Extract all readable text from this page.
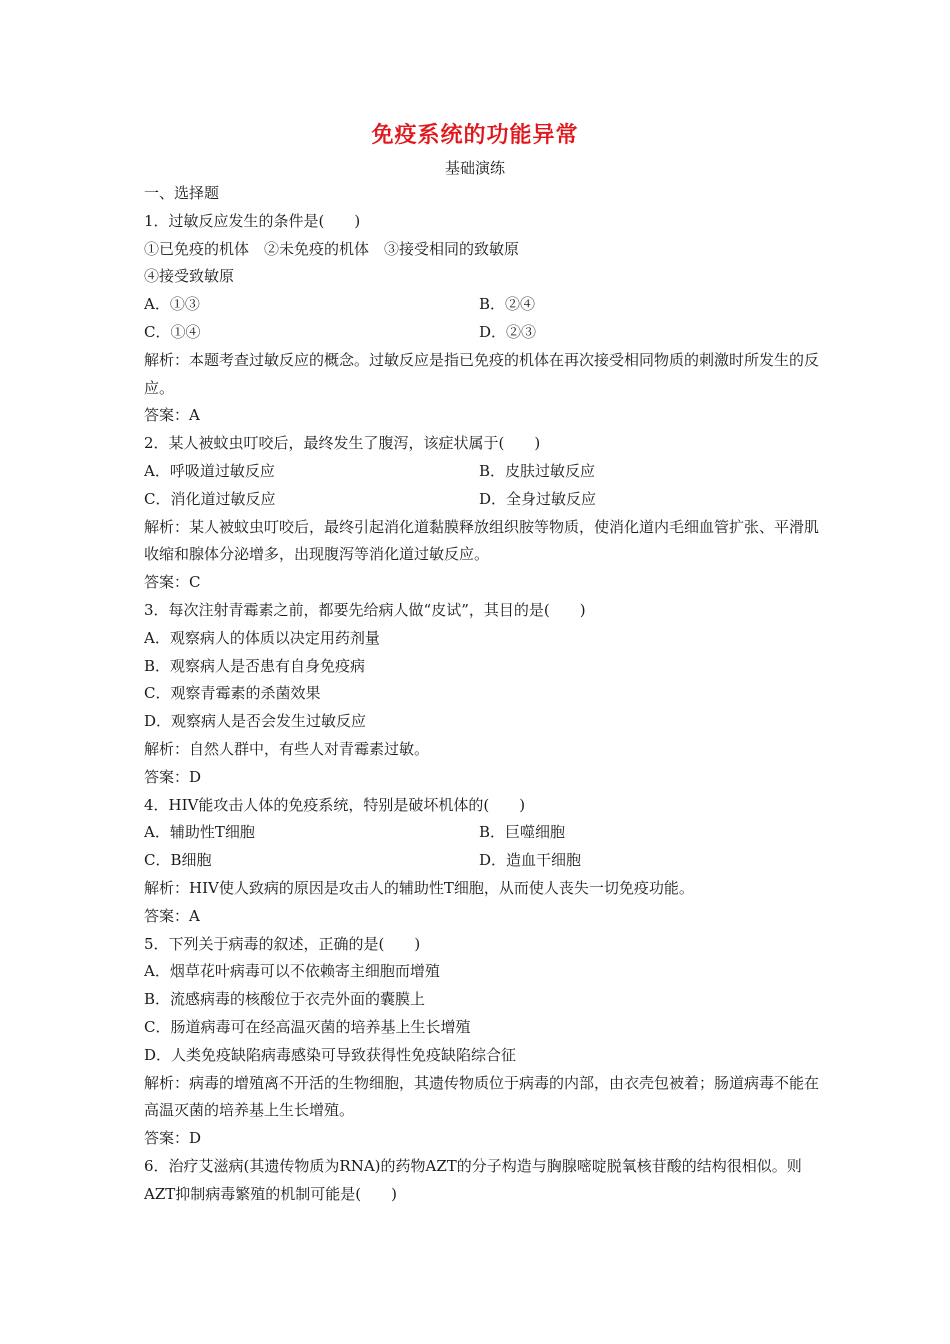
免疫系统的功能异常
基础演练
一、选择题
1．过敏反应发生的条件是(　　)
①已免疫的机体　②未免疫的机体　③接受相同的致敏原
④接受致敏原
A．①③	B．②④
C．①④	D．②③
解析：本题考查过敏反应的概念。过敏反应是指已免疫的机体在再次接受相同物质的刺激时所发生的反应。
答案：A
2．某人被蚊虫叮咬后，最终发生了腹泻，该症状属于(　　)
A．呼吸道过敏反应	B．皮肤过敏反应
C．消化道过敏反应	D．全身过敏反应
解析：某人被蚊虫叮咬后，最终引起消化道黏膜释放组织胺等物质，使消化道内毛细血管扩张、平滑肌收缩和腺体分泌增多，出现腹泻等消化道过敏反应。
答案：C
3．每次注射青霉素之前，都要先给病人做“皮试”，其目的是(　　)
A．观察病人的体质以决定用药剂量
B．观察病人是否患有自身免疫病
C．观察青霉素的杀菌效果
D．观察病人是否会发生过敏反应
解析：自然人群中，有些人对青霉素过敏。
答案：D
4．HIV能攻击人体的免疫系统，特别是破坏机体的(　　)
A．辅助性T细胞	B．巨噬细胞
C．B细胞	D．造血干细胞
解析：HIV使人致病的原因是攻击人的辅助性T细胞，从而使人丧失一切免疫功能。
答案：A
5．下列关于病毒的叙述，正确的是(　　)
A．烟草花叶病毒可以不依赖寄主细胞而增殖
B．流感病毒的核酸位于衣壳外面的囊膜上
C．肠道病毒可在经高温灭菌的培养基上生长增殖
D．人类免疫缺陷病毒感染可导致获得性免疫缺陷综合征
解析：病毒的增殖离不开活的生物细胞，其遗传物质位于病毒的内部，由衣壳包被着；肠道病毒不能在高温灭菌的培养基上生长增殖。
答案：D
6．治疗艾滋病(其遗传物质为RNA)的药物AZT的分子构造与胸腺嘧啶脱氧核苷酸的结构很相似。则AZT抑制病毒繁殖的机制可能是(　　)
